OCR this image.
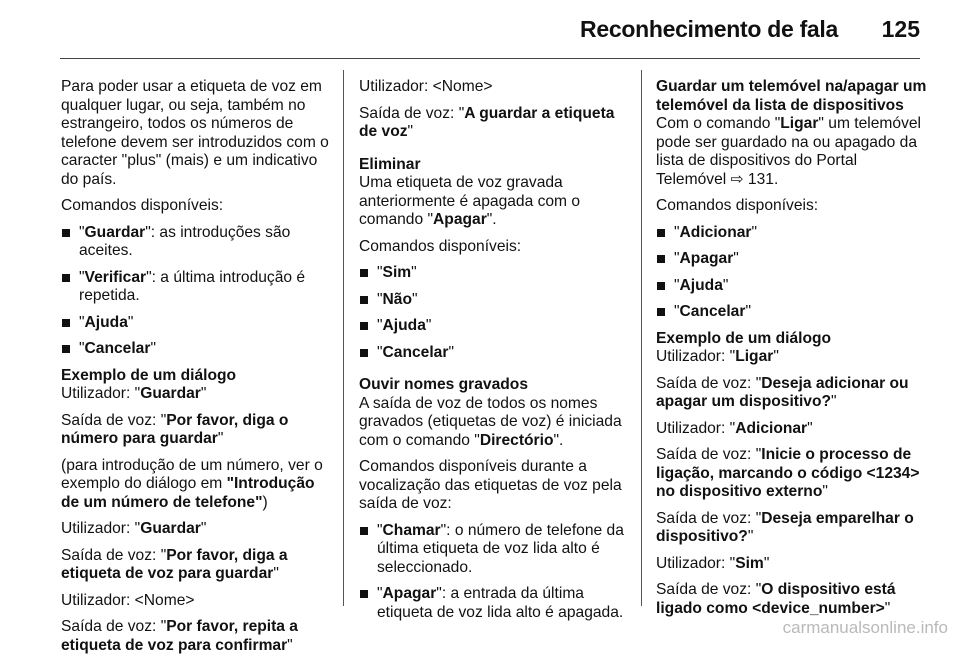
Reconhecimento de fala 125

Para poder usar a etiqueta de voz em qualquer lugar, ou seja, também no estrangeiro, todos os números de telefone devem ser introduzidos com o caracter "plus" (mais) e um indicativo do país.

Comandos disponíveis:

"Guardar": as introduções são aceites.
"Verificar": a última introdução é repetida.
"Ajuda"
"Cancelar"
Exemplo de um diálogo

Utilizador: "Guardar"

Saída de voz: "Por favor, diga o número para guardar"

(para introdução de um número, ver o exemplo do diálogo em "Introdução de um número de telefone")

Utilizador: "Guardar"

Saída de voz: "Por favor, diga a etiqueta de voz para guardar"

Utilizador: <Nome>

Saída de voz: "Por favor, repita a etiqueta de voz para confirmar"

Utilizador: <Nome>

Saída de voz: "A guardar a etiqueta de voz"

Eliminar

Uma etiqueta de voz gravada anteriormente é apagada com o comando "Apagar".

Comandos disponíveis:

"Sim"
"Não"
"Ajuda"
"Cancelar"
Ouvir nomes gravados

A saída de voz de todos os nomes gravados (etiquetas de voz) é iniciada com o comando "Directório".

Comandos disponíveis durante a vocalização das etiquetas de voz pela saída de voz:

"Chamar": o número de telefone da última etiqueta de voz lida alto é seleccionado.
"Apagar": a entrada da última etiqueta de voz lida alto é apagada.
Guardar um telemóvel na/apagar um telemóvel da lista de dispositivos

Com o comando "Ligar" um telemóvel pode ser guardado na ou apagado da lista de dispositivos do Portal Telemóvel ⇨ 131.

Comandos disponíveis:

"Adicionar"
"Apagar"
"Ajuda"
"Cancelar"
Exemplo de um diálogo

Utilizador: "Ligar"

Saída de voz: "Deseja adicionar ou apagar um dispositivo?"

Utilizador: "Adicionar"

Saída de voz: "Inicie o processo de ligação, marcando o código <1234> no dispositivo externo"

Saída de voz: "Deseja emparelhar o dispositivo?"

Utilizador: "Sim"

Saída de voz: "O dispositivo está ligado como <device_number>"

carmanualsonline.info
